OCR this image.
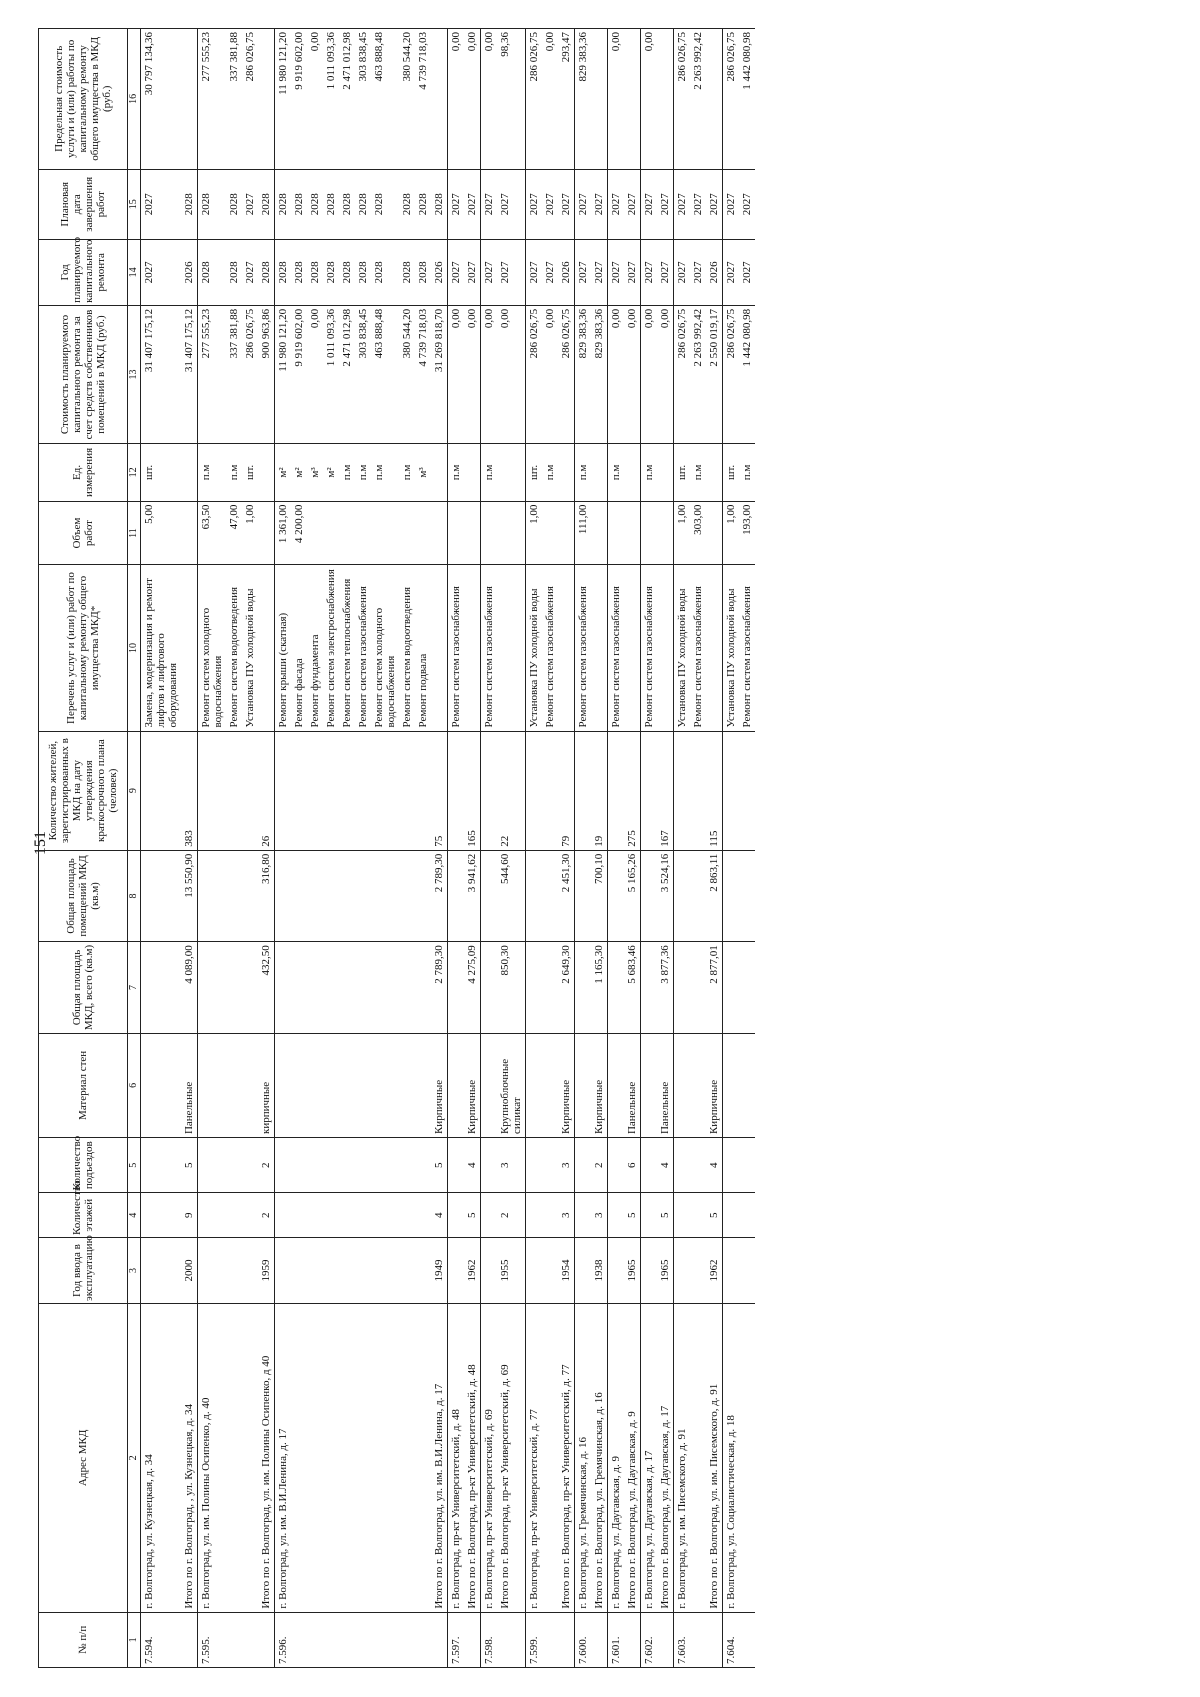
151
№ п/п	Адрес МКД	Год ввода в эксплуатацию	Количество этажей	Количество подъездов	Материал стен	Общая площадь МКД, всего (кв.м)	Общая площадь помещений МКД (кв.м)	Количество жителей, зарегистрированных в МКД на дату утверждения краткосрочного плана (человек)	Перечень услуг и (или) работ по капитальному ремонту общего имущества МКД*	Объем работ	Ед. измерения	Стоимость планируемого капитального ремонта за счет средств собственников помещений в МКД (руб.)	Год планируемого капитального ремонта	Плановая дата завершения работ	Предельная стоимость услуги и (или) работы по капитальному ремонту общего имущества в МКД (руб.)
1	2	3	4	5	6	7	8	9	10	11	12	13	14	15	16
7.594.	г. Волгоград, ул. Кузнецкая, д. 34								Замена, модернизация и ремонт лифтов и лифтового оборудования	5,00	шт.	31 407 175,12	2027	2027	30 797 134,36
	Итого по г. Волгоград, , ул. Кузнецкая, д. 34	2000	9	5	Панельные	4 089,00	13 550,90	383				31 407 175,12	2026	2028	
7.595.	г. Волгоград, ул. им. Полины Осипенко, д. 40								Ремонт систем холодного водоснабжения	63,50	п.м	277 555,23	2028	2028	277 555,23
									Ремонт систем водоотведения	47,00	п.м	337 381,88	2028	2028	337 381,88
									Установка ПУ холодной воды	1,00	шт.	286 026,75	2027	2027	286 026,75
	Итого по г. Волгоград, ул. им. Полины Осипенко, д 40	1959	2	2	кирпичные	432,50	316,80	26				900 963,86	2028	2028	
7.596.	г. Волгоград, ул. им. В.И.Ленина, д. 17								Ремонт крыши (скатная)	1 361,00	м²	11 980 121,20	2028	2028	11 980 121,20
									Ремонт фасада	4 200,00	м²	9 919 602,00	2028	2028	9 919 602,00
									Ремонт фундамента		м³	0,00	2028	2028	0,00
									Ремонт систем электроснабжения		м²	1 011 093,36	2028	2028	1 011 093,36
									Ремонт систем теплоснабжения		п.м	2 471 012,98	2028	2028	2 471 012,98
									Ремонт систем газоснабжения		п.м	303 838,45	2028	2028	303 838,45
									Ремонт систем холодного водоснабжения		п.м	463 888,48	2028	2028	463 888,48
									Ремонт систем водоотведения		п.м	380 544,20	2028	2028	380 544,20
									Ремонт подвала		м³	4 739 718,03	2028	2028	4 739 718,03
	Итого по г. Волгоград, ул. им. В.И.Ленина, д. 17	1949	4	5	Кирпичные	2 789,30	2 789,30	75				31 269 818,70	2026	2028	
7.597.	г. Волгоград, пр-кт Университетский, д. 48								Ремонт систем газоснабжения		п.м	0,00	2027	2027	0,00
	Итого по г. Волгоград, пр-кт Университетский, д. 48	1962	5	4	Кирпичные	4 275,09	3 941,62	165				0,00	2027	2027	0,00
7.598.	г. Волгоград, пр-кт Университетский, д. 69								Ремонт систем газоснабжения		п.м	0,00	2027	2027	0,00
	Итого по г. Волгоград, пр-кт Университетский, д. 69	1955	2	3	Крупноблочные силикат	850,30	544,60	22				0,00	2027	2027	98,36
7.599.	г. Волгоград, пр-кт Университетский, д. 77								Установка ПУ холодной воды	1,00	шт.	286 026,75	2027	2027	286 026,75
									Ремонт систем газоснабжения		п.м	0,00	2027	2027	0,00
	Итого по г. Волгоград, пр-кт Университетский, д. 77	1954	3	3	Кирпичные	2 649,30	2 451,30	79				286 026,75	2026	2027	293,47
7.600.	г. Волгоград, ул. Гремячинская, д. 16								Ремонт систем газоснабжения	111,00	п.м	829 383,36	2027	2027	829 383,36
	Итого по г. Волгоград, ул. Гремячинская, д. 16	1938	3	2	Кирпичные	1 165,30	700,10	19				829 383,36	2027	2027	
7.601.	г. Волгоград, ул. Даугавская, д. 9								Ремонт систем газоснабжения		п.м	0,00	2027	2027	0,00
	Итого по г. Волгоград, ул. Даугавская, д. 9	1965	5	6	Панельные	5 683,46	5 165,26	275				0,00	2027	2027	
7.602.	г. Волгоград, ул. Даугавская, д. 17								Ремонт систем газоснабжения		п.м	0,00	2027	2027	0,00
	Итого по г. Волгоград, ул. Даугавская, д. 17	1965	5	4	Панельные	3 877,36	3 524,16	167				0,00	2027	2027	
7.603.	г. Волгоград, ул. им. Писемского, д. 91								Установка ПУ холодной воды	1,00	шт.	286 026,75	2027	2027	286 026,75
									Ремонт систем газоснабжения	303,00	п.м	2 263 992,42	2027	2027	2 263 992,42
	Итого по г. Волгоград, ул. им. Писемского, д. 91	1962	5	4	Кирпичные	2 877,01	2 863,11	115				2 550 019,17	2026	2027	
7.604.	г. Волгоград, ул. Социалистическая, д. 18								Установка ПУ холодной воды	1,00	шт.	286 026,75	2027	2027	286 026,75
									Ремонт систем газоснабжения	193,00	п.м	1 442 080,98	2027	2027	1 442 080,98
